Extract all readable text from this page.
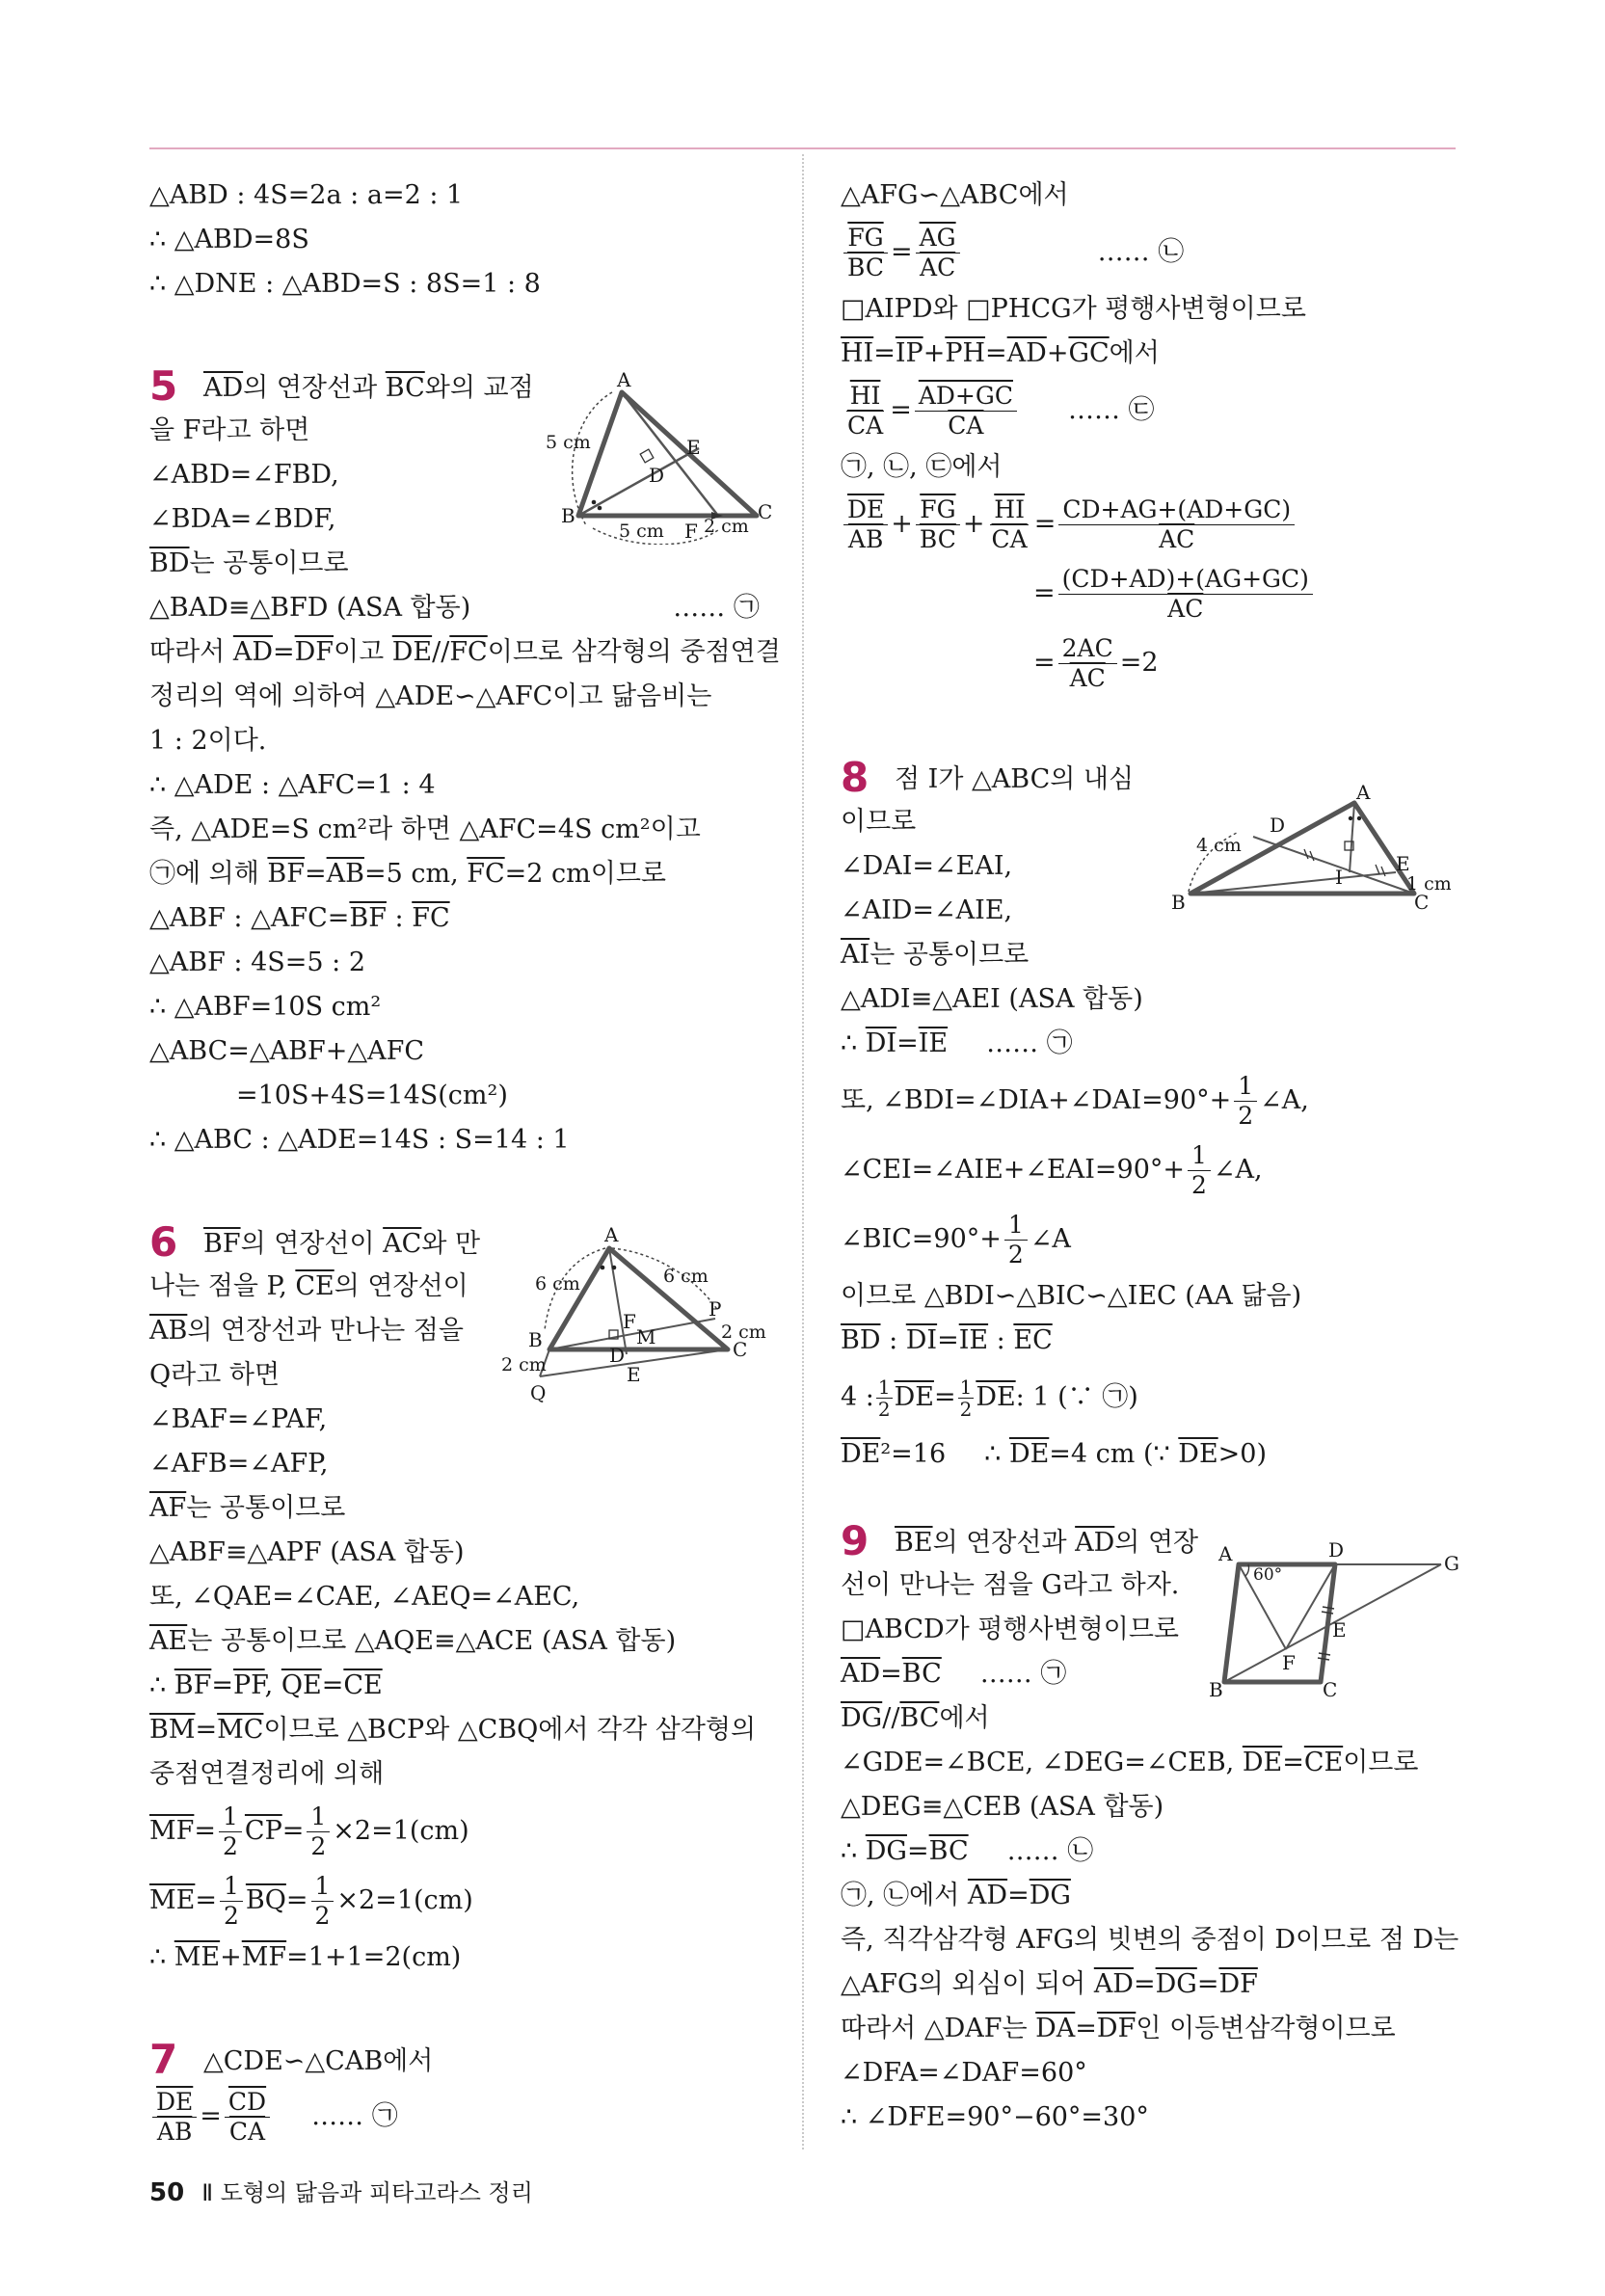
△ABD : 4S=2a : a=2 : 1
∴ △ABD=8S
∴ △DNE : △ABD=S : 8S=1 : 8
5 $\overline{AD}$의 연장선과 $\overline{BC}$와의 교점
을 F라고 하면
∠ABD=∠FBD,
∠BDA=∠BDF,
$\overline{BD}$는 공통이므로
△BAD≡△BFD (ASA 합동)	…… ㉠
따라서 $\overline{AD}=\overline{DF}$이고 $\overline{DE}//\overline{FC}$이므로 삼각형의 중점연결
정리의 역에 의하여 △ADE∽△AFC이고 닮음비는
1 : 2이다.
∴ △ADE : △AFC=1 : 4
즉, △ADE=S cm²라 하면 △AFC=4S cm²이고
㉠에 의해 $\overline{BF}=\overline{AB}=5$ cm, $\overline{FC}=2$ cm이므로
△ABF : $\triangle AFC=\overline{BF}$ : $\overline{FC}$
△ABF : 4S=5 : 2
∴ △ABF=10S cm²
△ABC=△ABF+△AFC
=10S+4S=14S(cm²)
∴ △ABC : △ADE=14S : S=14 : 1
6 $\overline{BF}$의 연장선이 $\overline{AC}$와 만
나는 점을 P, $\overline{CE}$의 연장선이
$\overline{AB}$의 연장선과 만나는 점을
Q라고 하면
∠BAF=∠PAF,
∠AFB=∠AFP,
$\overline{AF}$는 공통이므로
△ABF≡△APF (ASA 합동)
또, ∠QAE=∠CAE, ∠AEQ=∠AEC,
$\overline{AE}$는 공통이므로 △AQE≡△ACE (ASA 합동)
∴ $\overline{BF}=\overline{PF}$, $\overline{QE}=\overline{CE}$
$\overline{BM}=\overline{MC}$이므로 △BCP와 △CBQ에서 각각 삼각형의
중점연결정리에 의해
$\overline{MF} = \frac{1}{2} \overline{CP} = \frac{1}{2} \times 2=1(cm)$
$\overline{ME} = \frac{1}{2} \overline{BQ} = \frac{1}{2} \times 2=1(cm)$
∴ $\overline{ME}+\overline{MF}=1+1=2(cm)$
7 △CDE∽△CAB에서
$\frac{\overline{DE}}{AB} = \frac{\overline{CD}}{CA}$ …… ㉠
△AFG∽△ABC에서
$\frac{\overline{FG}}{BC} = \frac{\overline{AG}}{AC}$	…… ㉡
□AIPD와 □PHCG가 평행사변형이므로
$\overline{HI}=\overline{IP}+\overline{PH}=\overline{AD}+\overline{GC}$에서
$\frac{\overline{HI}}{CA} = \frac{AD+GC}{CA}$ …… ㉢
㉠, ㉡, ㉢에서
$\frac{\overline{DE}}{AB} + \frac{\overline{FG}}{BC} + \frac{\overline{HI}}{CA} = \frac{CD+AG+(AD+GC)}{AC}$
= $\frac{(CD+AD)+(AG+GC)}{AC}$
= $\frac{2AC}{AC} =2$
8 점 I가 △ABC의 내심
이므로
∠DAI=∠EAI,
∠AID=∠AIE,
$\overline{AI}$는 공통이므로
△ADI≡△AEI (ASA 합동)
∴ $\overline{DI}=\overline{IE}$ …… ㉠
또, ∠BDI=∠DIA+∠DAI=90°+ $\frac{1}{2}$ ∠A,
∠CEI=∠AIE+∠EAI=90°+ $\frac{1}{2}$ ∠A,
∠BIC=90°+ $\frac{1}{2}$ ∠A
이므로 △BDI∽△BIC∽△IEC (AA 닮음)
$\overline{BD}$ : $\overline{DI}=\overline{IE}$ : $\overline{EC}$
4 : $\frac{1}{2} \overline{DE} = \frac{1}{2} \overline{DE}$ : 1 (∵ ㉠)
$\overline{DE}^2=16$ ∴ $\overline{DE}=4$ cm (∵ $\overline{DE}>0$)
9 $\overline{BE}$의 연장선과 $\overline{AD}$의 연장
선이 만나는 점을 G라고 하자.
□ABCD가 평행사변형이므로
$\overline{AD}=\overline{BC}$ …… ㉠
$\overline{DG}//\overline{BC}$에서
∠GDE=∠BCE, ∠DEG=∠CEB, $\overline{DE}=\overline{CE}$이므로
△DEG≡△CEB (ASA 합동)
∴ $\overline{DG}=\overline{BC}$ …… ㉡
㉠, ㉡에서 $\overline{AD}=\overline{DG}$
즉, 직각삼각형 AFG의 빗변의 중점이 D이므로 점 D는
△AFG의 외심이 되어 $\overline{AD}=\overline{DG}=\overline{DF}$
따라서 △DAF는 $\overline{DA}=\overline{DF}$인 이등변삼각형이므로
∠DFA=∠DAF=60°
∴ ∠DFE=90°−60°=30°
A
B	C
D
E
F
5 cm
5 cm 2 cm
A
B	C
D
E
F
M
P
Q
6 cm	6 cm
2 cm
2 cm
A
B	C
D
E
I
4 cm
1 cm
A	D
G
B	C
E
F
60°
50 Ⅱ 도형의 닮음과 피타고라스 정리
